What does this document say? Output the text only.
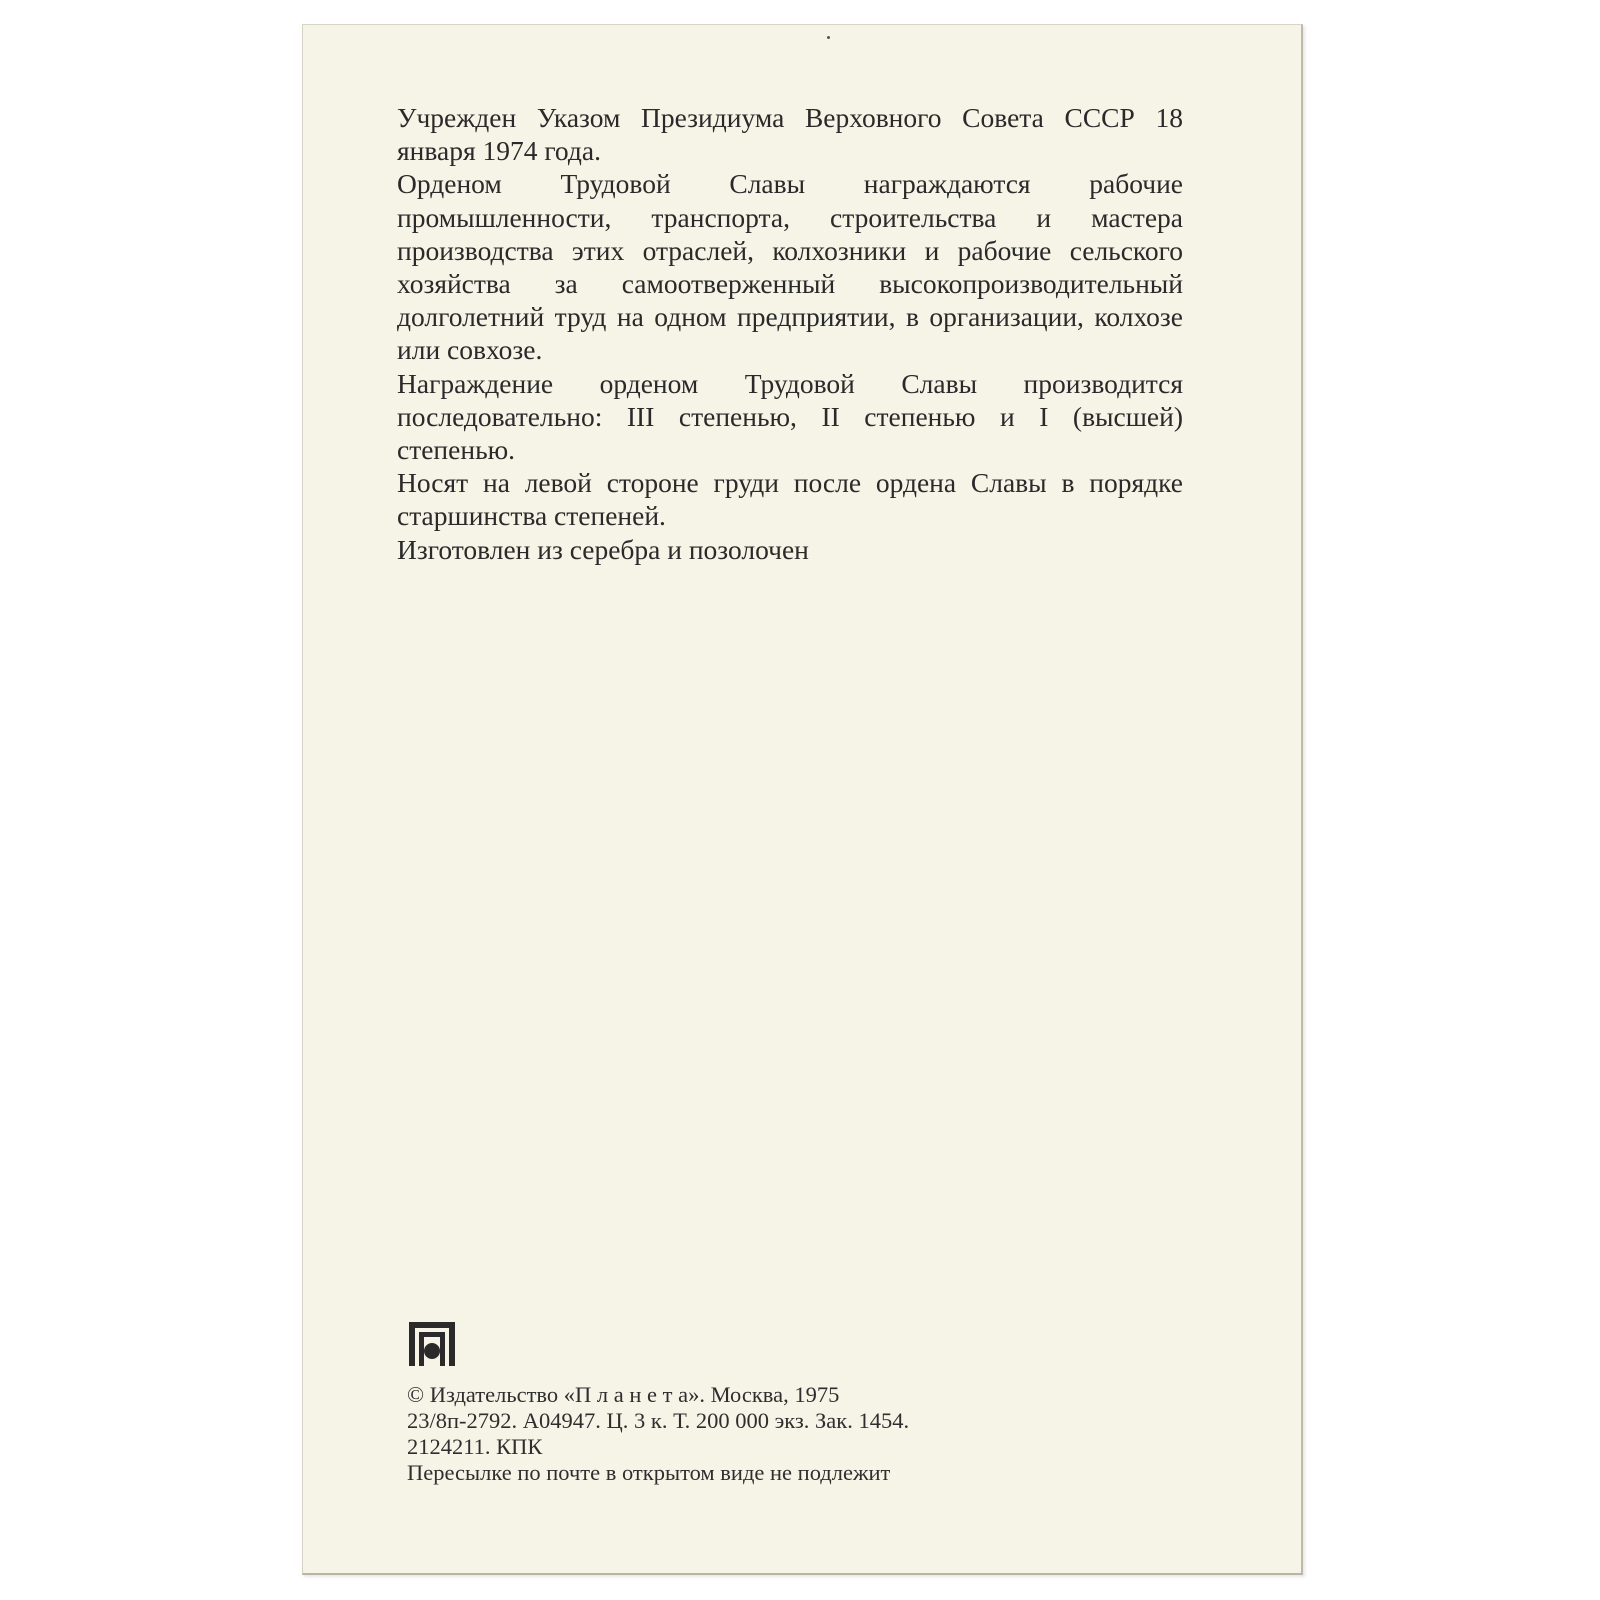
Учрежден Указом Президиума Верховного Совета СССР 18 января 1974 года.

Орденом Трудовой Славы награждаются рабочие промышленности, транспорта, строительства и мастера производства этих отраслей, колхозники и рабочие сельского хозяйства за самоотверженный высокопроизводительный долголетний труд на одном предприятии, в организации, колхозе или совхозе.

Награждение орденом Трудовой Славы производится последовательно: III степенью, II степенью и I (высшей) степенью.

Носят на левой стороне груди после ордена Славы в порядке старшинства степеней.

Изготовлен из серебра и позолочен

© Издательство «П л а н е т а». Москва, 1975
23/8п-2792. А04947. Ц. 3 к. Т. 200 000 экз. Зак. 1454.
2124211. КПК
Пересылке по почте в открытом виде не подлежит
